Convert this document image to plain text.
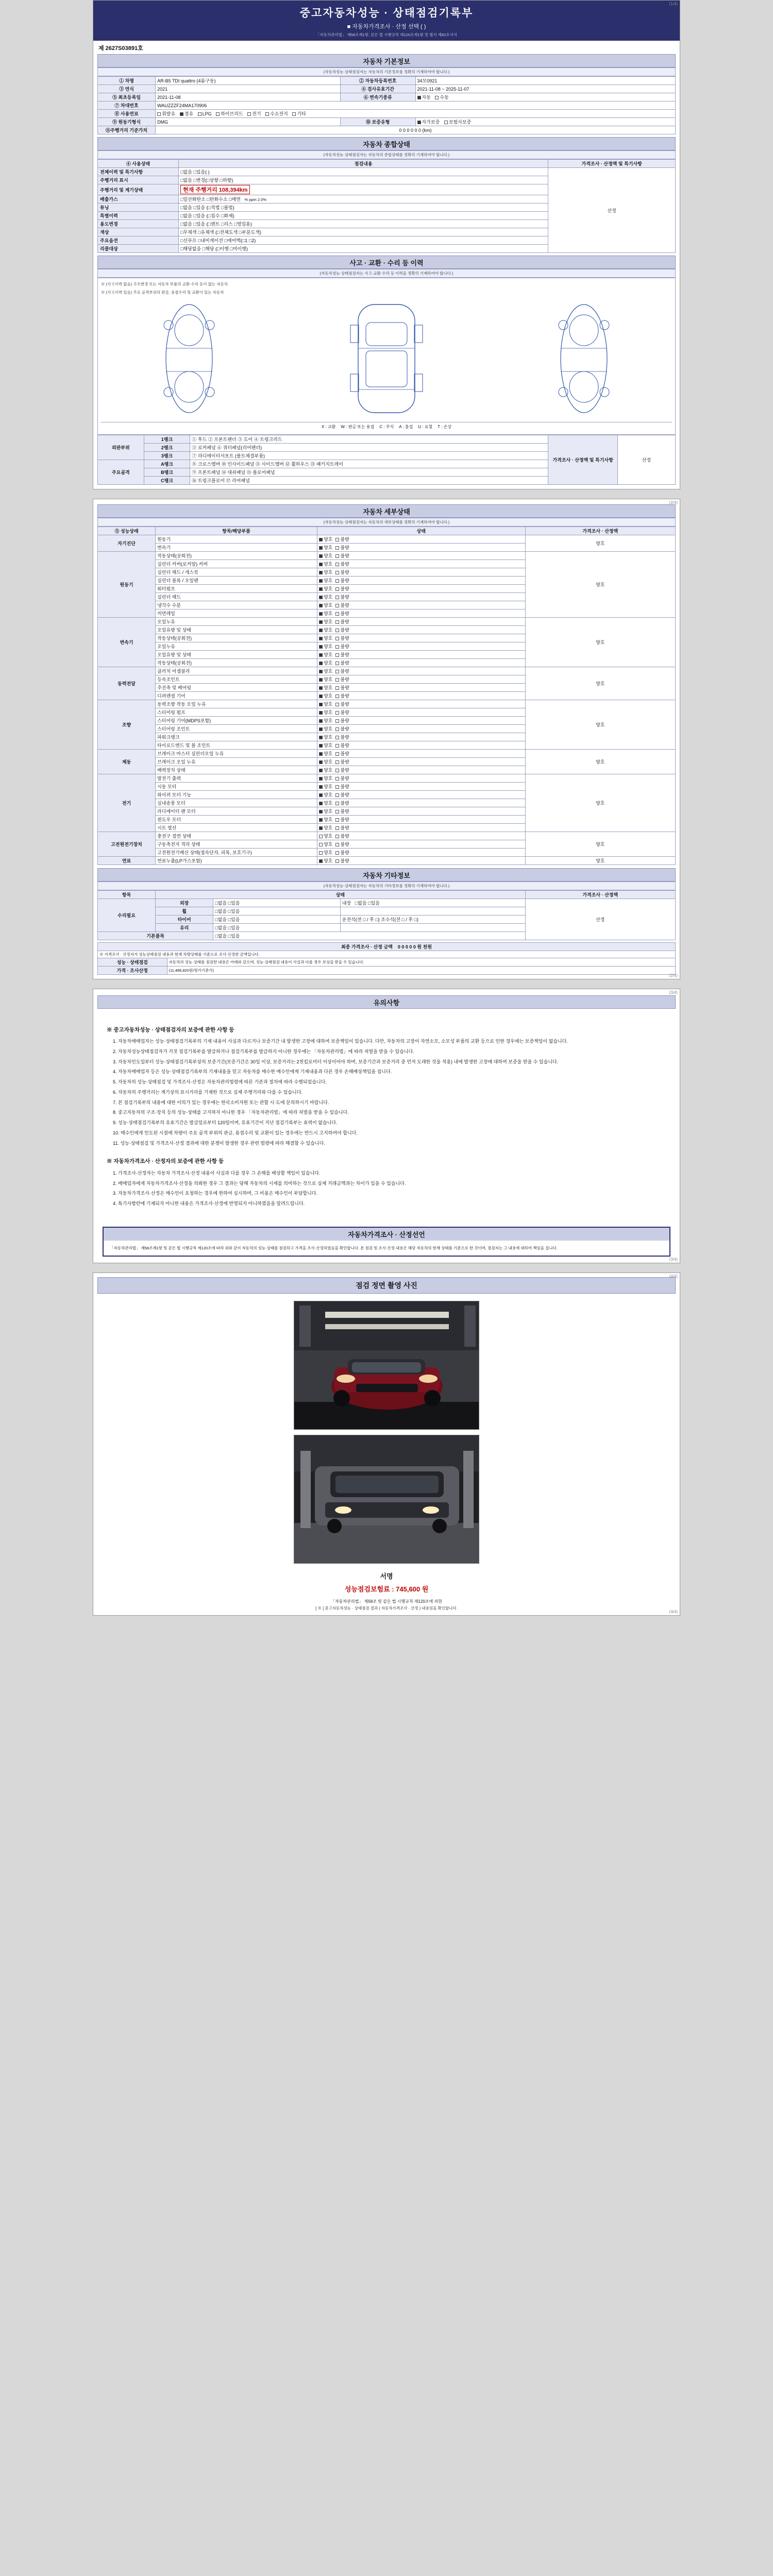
(1/4)
중고자동차성능 · 상태점검기록부
■ 자동차가격조사 · 산정 선택 ( )
「자동차관리법」 제58조제1항, 같은 법 시행규칙 제120조제1항 및 별지 제82호서식
제 2627S03891호
자동차 기본정보
(자동차성능·상태점검자는 자동차의 기본정보를 정확히 기재하여야 합니다.)
① 차명	AR-B5 TDI quattro (4륜구동)	② 자동차등록번호	34모0921
③ 연식	2021	④ 검사유효기간	2021-11-08 ~ 2025-11-07
⑤ 최초등록일	2021-11-08	⑥ 변속기종류	자동 수동
⑦ 차대번호	WAUZZZF24MA170906		
⑧ 사용연료	휘발유 경유 LPG 하이브리드 전기 수소전지 기타		
⑨ 원동기형식	DMG	⑩ 보증유형	자가보증 보험사보증
⑪주행거리 기준가치	0 0 0 0 0 0 (km)		
자동차 종합상태
(자동차성능·상태점검자는 자동차의 종합상태를 정확히 기재하여야 합니다.)
④ 사용상태	점검내용	가격조사 · 산정액 및 특기사항
전체이력 및 특기사항	□없음 □있음( )	산정
주행거리 표시	□없음 □변경(□상향 □하향)	
주행거리 및 계기상태	현재 주행거리 108,394km	
배출가스	□일산화탄소 □탄화수소 □매연 % ppm 2.0%	
튜닝	□없음 □있음 (□적법 □불법)	
특별이력	□없음 □있음 (□침수 □화재)	
용도변경	□없음 □있음 (□렌트 □리스 □영업용)	
색상	□무채색 □유채색 (□전체도색 □부분도색)	
주요옵션	□선루프 □내비게이션 □에어백(□1 □2)	
리콜대상	□해당없음 □해당 (□이행 □미이행)	
사고 · 교환 · 수리 등 이력
(자동차성능·상태점검자는 사고·교환·수리 등 이력을 정확히 기재하여야 합니다.)
※ (사고이력 없음) 구조변경 또는 자동차 부품의 교환·수리 등이 없는 자동차
※ (사고이력 있음) 주요 골격부위의 판금, 용접수리 및 교환이 있는 자동차
X : 교환 W : 판금 또는 용접 C : 부식 A : 흠집 U : 요철 T : 손상
외판부위	1랭크	① 후드 ② 프론트펜더 ③ 도어 ④ 트렁크리드	가격조사 · 산정액 및 특기사항	산정
	2랭크	⑤ 로커패널 ⑥ 쿼터패널(리어펜더)		
	3랭크	⑦ 라디에이터서포트 (볼트체결부품)		
주요골격	A랭크	⑧ 크로스멤버 ⑩ 인사이드패널 ⑪ 사이드멤버 ⑫ 휠하우스 ⑬ 패키지트레이		
	B랭크	⑨ 프론트패널 ⑭ 대쉬패널 ⑮ 플로어패널		
	C랭크	⑯ 트렁크플로어 ⑰ 리어패널		
(2/4)
자동차 세부상태
(자동차성능·상태점검자는 자동차의 세부상태를 정확히 기재하여야 합니다.)
⑤ 성능상태	항목/해당부품	상태	가격조사 · 산정액
자기진단	원동기	양호 불량	양호
	변속기	양호 불량	
원동기	작동상태(공회전)	양호 불량	양호
	실린더 커버(로커암) 커버	양호 불량	
	실린더 헤드 / 개스킷	양호 불량	
	실린더 블록 / 오일팬	양호 불량	
	워터펌프	양호 불량	
	실린더 헤드	양호 불량	
	냉각수 수분	양호 불량	
	커먼레일	양호 불량	
변속기	오일누유	양호 불량	양호
	오일유량 및 상태	양호 불량	
	작동상태(공회전)	양호 불량	
	오일누유	양호 불량	
	오일유량 및 상태	양호 불량	
	작동상태(공회전)	양호 불량	
동력전달	클러치 어셈블리	양호 불량	양호
	등속조인트	양호 불량	
	추진축 및 베어링	양호 불량	
	디퍼렌셜 기어	양호 불량	
조향	동력조향 작동 오일 누유	양호 불량	양호
	스티어링 펌프	양호 불량	
	스티어링 기어(MDPS포함)	양호 불량	
	스티어링 조인트	양호 불량	
	파워크랭크	양호 불량	
	타이로드엔드 및 볼 조인트	양호 불량	
제동	브레이크 마스터 실린더오일 누유	양호 불량	양호
	브레이크 오일 누유	양호 불량	
	배력장치 상태	양호 불량	
전기	발전기 출력	양호 불량	양호
	시동 모터	양호 불량	
	와이퍼 모터 기능	양호 불량	
	실내송풍 모터	양호 불량	
	라디에이터 팬 모터	양호 불량	
	윈도우 모터	양호 불량	
	시트 열선	양호 불량	
고전원전기장치	충전구 절연 상태	양호 불량	양호
	구동축전지 격리 상태	양호 불량	
	고전원전기배선 상태(접속단자, 피복, 보호기구)	양호 불량	
연료	연료누출(LP가스포함)	양호 불량	양호
자동차 기타정보
(자동차성능·상태점검자는 자동차의 기타정보를 정확히 기재하여야 합니다.)
항목	상태			가격조사 · 산정액
수리필요	외장	□없음 □있음	내장 □없음 □있음	산정
	휠	□없음 □있음		
	타이어	□없음 □있음	운전석(전 □ / 후 □) 조수석(전 □ / 후 □)	
	유리	□없음 □있음		
기본품목		□없음 □있음		
최종 가격조사 · 산정 금액 0 0 0 0 0 원 천원	
※ 가격조사 · 산정자가 성능상태점검 내용과 현재 차량상태를 기준으로 조사·산정한 금액입니다.	
성능 · 상태점검	자동차의 성능·상태를 점검한 내용은 아래와 같으며, 성능·상태점검 내용이 사실과 다를 경우 보상을 받을 수 있습니다.
가격 · 조사산정	(11,486,820원/평가기준가)
(2/4)
(3/4)
유의사항
※ 중고자동차성능 · 상태점검자의 보증에 관한 사항 등

1. 자동차매매업자는 성능·상태점검기록부의 기재 내용이 사실과 다르거나 보증기간 내 발생한 고장에 대하여 보증책임이 있습니다. 다만, 자동차의 고장이 자연소모, 소모성 부품의 교환 등으로 인한 경우에는 보증책임이 없습니다.

2. 자동차성능상태점검자가 거짓 점검기록부를 발급하거나 점검기록부를 발급하지 아니한 경우에는 「자동차관리법」에 따라 처벌을 받을 수 있습니다.

3. 자동차인도일부터 성능·상태점검기록부상의 보증기간(보증기간은 30일 이상, 보증거리는 2천킬로미터 이상이어야 하며, 보증기간과 보증거리 중 먼저 도래한 것을 적용) 내에 발생한 고장에 대하여 보증을 받을 수 있습니다.

4. 자동차매매업자 등은 성능·상태점검기록부의 기재내용을 믿고 자동차를 매수한 매수인에게 기재내용과 다른 경우 손해배상책임을 집니다.

5. 자동차의 성능·상태점검 및 가격조사·산정은 자동차관리법령에 따른 기준과 절차에 따라 수행되었습니다.

6. 자동차의 주행거리는 계기상의 표시거리를 기재한 것으로 실제 주행거리와 다를 수 있습니다.

7. 본 점검기록부의 내용에 대한 이의가 있는 경우에는 한국소비자원 또는 관할 시·도에 문의하시기 바랍니다.

8. 중고자동차의 구조·장치 등의 성능·상태를 고지하지 아니한 경우 「자동차관리법」에 따라 처벌을 받을 수 있습니다.

9. 성능·상태점검기록부의 유효기간은 발급일로부터 120일이며, 유효기간이 지난 점검기록부는 효력이 없습니다.

10. 매수인에게 인도된 시점에 차량이 주요 골격 부위의 판금, 용접수리 및 교환이 있는 경우에는 반드시 고지하여야 합니다.

11. 성능·상태점검 및 가격조사·산정 결과에 대한 분쟁이 발생한 경우 관련 법령에 따라 해결할 수 있습니다.

※ 자동차가격조사 · 산정자의 보증에 관한 사항 등

1. 가격조사·산정자는 자동차 가격조사·산정 내용이 사실과 다를 경우 그 손해를 배상할 책임이 있습니다.

2. 매매업자에게 자동차가격조사·산정을 의뢰한 경우 그 결과는 당해 자동차의 시세를 의미하는 것으로 실제 거래금액과는 차이가 있을 수 있습니다.

3. 자동차가격조사·산정은 매수인이 요청하는 경우에 한하여 실시하며, 그 비용은 매수인이 부담합니다.

4. 특기사항란에 기재되지 아니한 내용은 가격조사·산정에 반영되지 아니하였음을 알려드립니다.

자동차가격조사 · 산정선언
「자동차관리법」 제58조제1항 및 같은 법 시행규칙 제120조에 따라 위와 같이 자동차의 성능·상태를 점검하고 가격을 조사·산정하였음을 확인합니다. 본 점검 및 조사·산정 내용은 해당 자동차의 현재 상태를 기준으로 한 것이며, 점검자는 그 내용에 대하여 책임을 집니다.
(3/4)
(4/4)
점검 정면 촬영 사진
서명
성능점검보험료 : 745,600 원
「자동차관리법」 제58조 및 같은 법 시행규칙 제120조에 의한
[ ※ ] 중고자동차성능 · 상태점검 결과 ( 자동차가격조사 · 산정 ) 내용임을 확인합니다.
(4/4)
